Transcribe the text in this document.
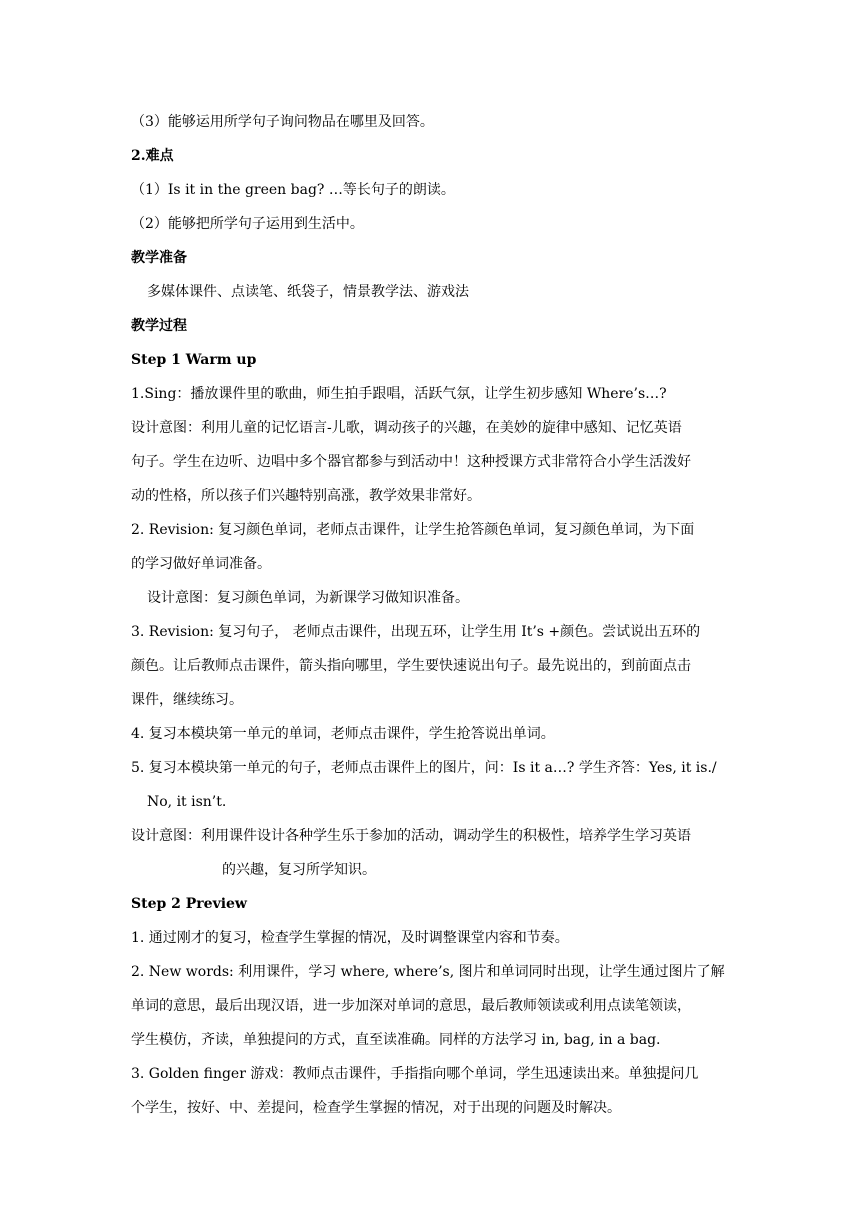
（3）能够运用所学句子询问物品在哪里及回答。
2.难点
（1）Is it in the green bag? …等长句子的朗读。
（2）能够把所学句子运用到生活中。
教学准备
多媒体课件、点读笔、纸袋子，情景教学法、游戏法
教学过程
Step 1 Warm up
1.Sing：播放课件里的歌曲，师生拍手跟唱，活跃气氛，让学生初步感知 Where’s…?
设计意图：利用儿童的记忆语言-儿歌，调动孩子的兴趣，在美妙的旋律中感知、记忆英语
句子。学生在边听、边唱中多个器官都参与到活动中！这种授课方式非常符合小学生活泼好
动的性格，所以孩子们兴趣特别高涨，教学效果非常好。
2. Revision: 复习颜色单词，老师点击课件，让学生抢答颜色单词，复习颜色单词，为下面
的学习做好单词准备。
设计意图：复习颜色单词，为新课学习做知识准备。
3. Revision: 复习句子， 老师点击课件，出现五环，让学生用 It’s +颜色。尝试说出五环的
颜色。让后教师点击课件，箭头指向哪里，学生要快速说出句子。最先说出的，到前面点击
课件，继续练习。
4. 复习本模块第一单元的单词，老师点击课件，学生抢答说出单词。
5. 复习本模块第一单元的句子，老师点击课件上的图片，问：Is it a…? 学生齐答：Yes, it is./
No, it isn’t.
设计意图：利用课件设计各种学生乐于参加的活动，调动学生的积极性，培养学生学习英语
的兴趣，复习所学知识。
Step 2 Preview
1. 通过刚才的复习，检查学生掌握的情况，及时调整课堂内容和节奏。
2. New words: 利用课件，学习 where, where’s, 图片和单词同时出现，让学生通过图片了解
单词的意思，最后出现汉语，进一步加深对单词的意思，最后教师领读或利用点读笔领读，
学生模仿，齐读，单独提问的方式，直至读准确。同样的方法学习 in, bag, in a bag.
3. Golden finger 游戏：教师点击课件，手指指向哪个单词，学生迅速读出来。单独提问几
个学生，按好、中、差提问，检查学生掌握的情况，对于出现的问题及时解决。
